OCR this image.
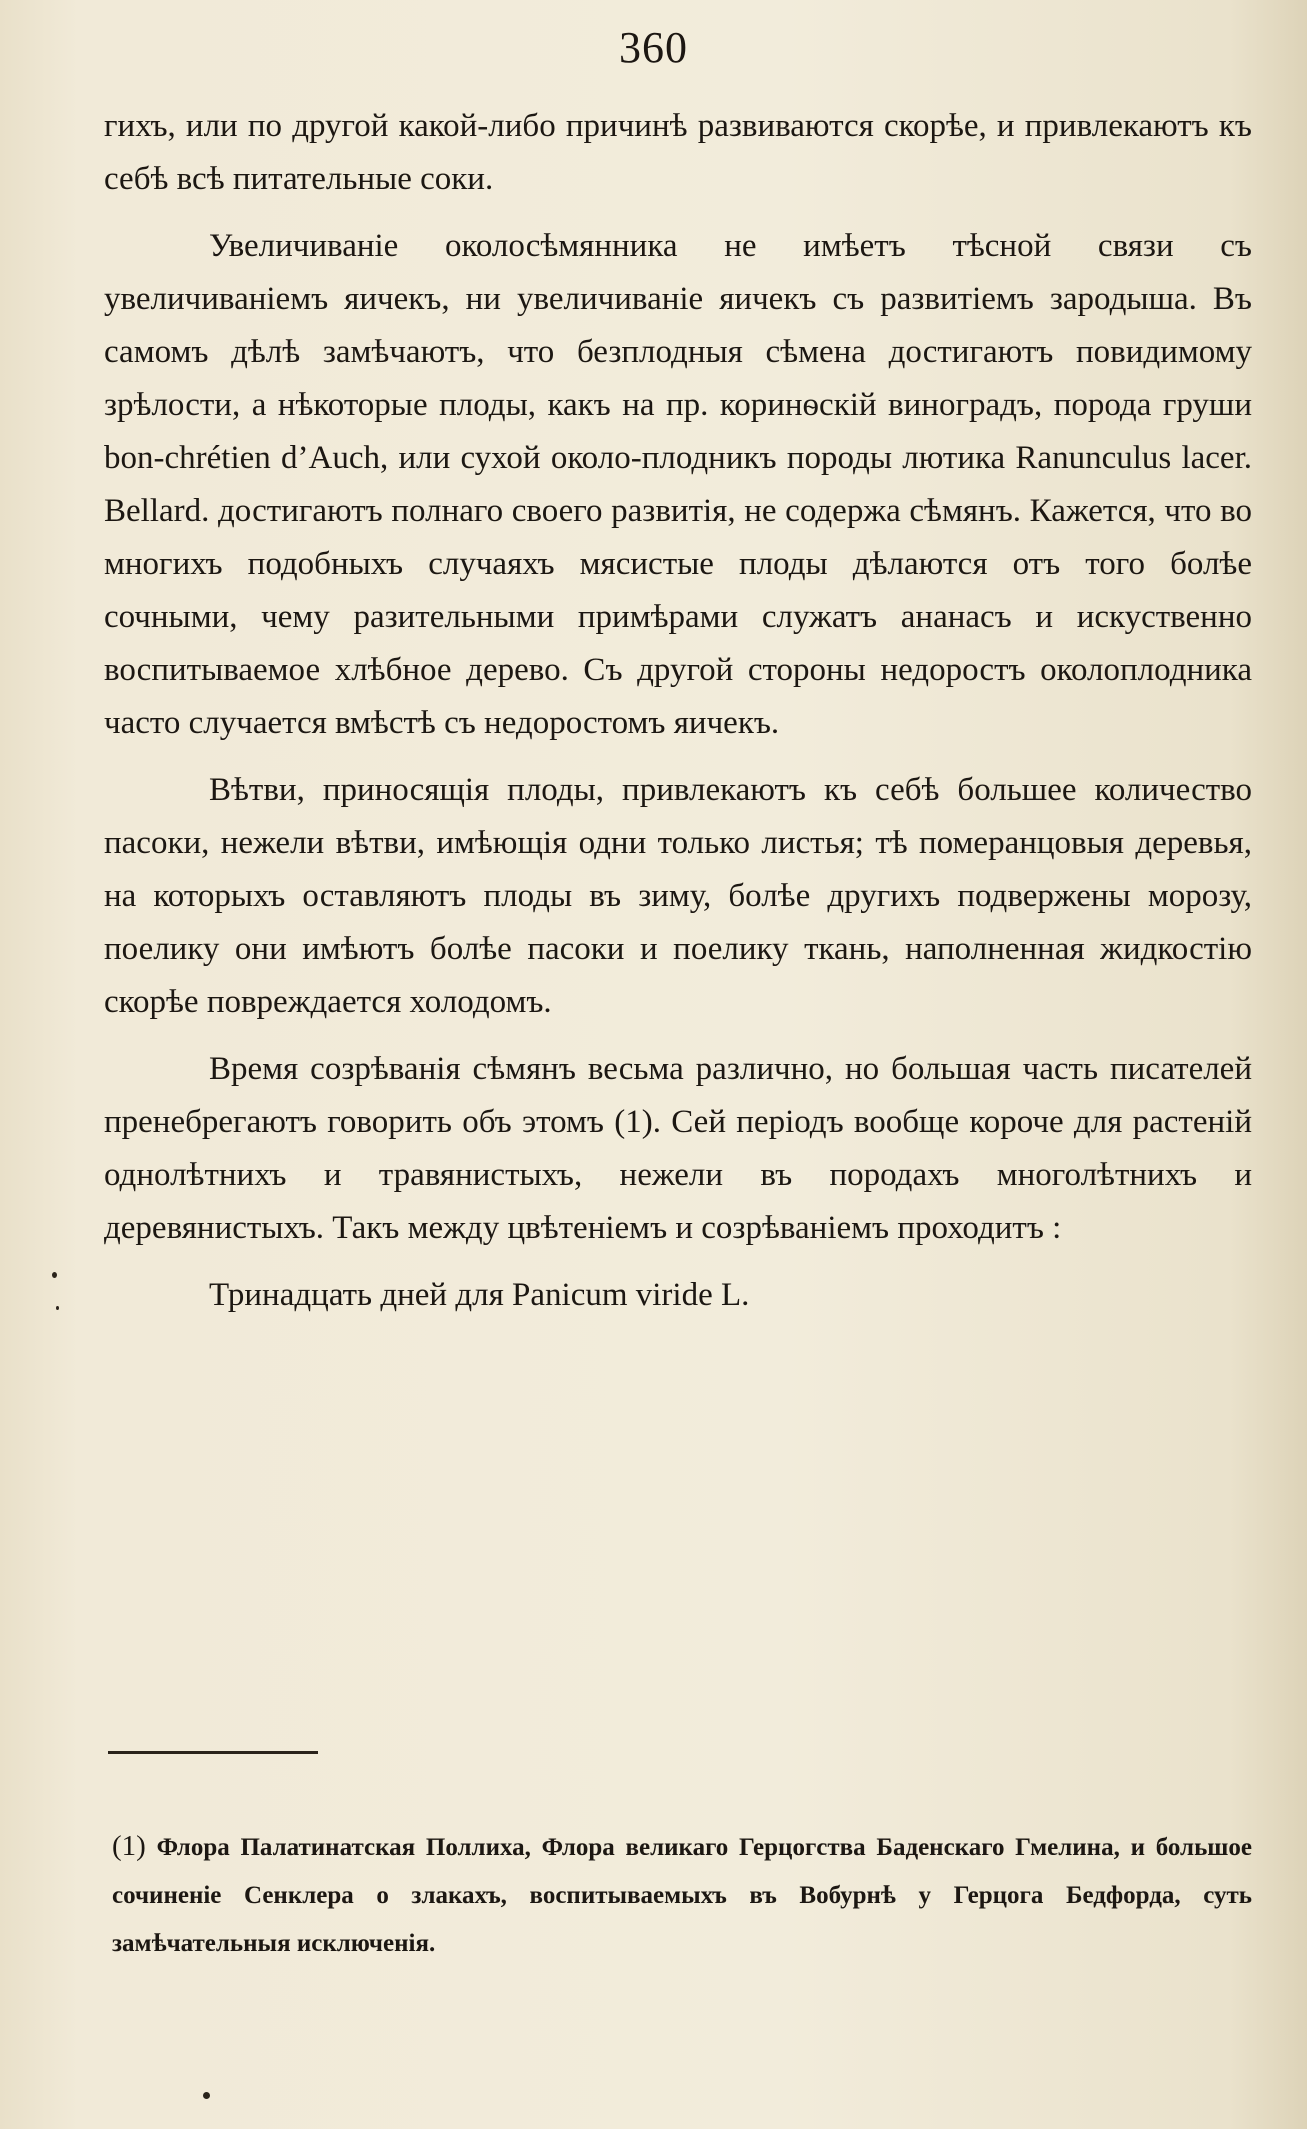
360

гихъ, или по другой какой-либо причинѣ развиваются скорѣе, и привлекаютъ къ себѣ всѣ питательные соки.

Увеличиванiе околосѣмянника не имѣетъ тѣсной связи съ увеличиванiемъ яичекъ, ни увеличиванiе яичекъ съ развитiемъ зародыша. Въ самомъ дѣлѣ замѣчаютъ, что безплодныя сѣмена достигаютъ повидимому зрѣлости, а нѣкоторые плоды, какъ на пр. коринѳскiй виноградъ, порода груши bon-chrétien d’Auch, или сухой около-плодникъ породы лютика Ranunculus lacer. Bellard. достигаютъ полнаго своего развитiя, не содержа сѣмянъ. Кажется, что во многихъ подобныхъ случаяхъ мясистые плоды дѣлаются отъ того болѣе сочными, чему разительными примѣрами служатъ ананасъ и искуственно воспитываемое хлѣбное дерево. Съ другой стороны недоростъ околоплодника часто случается вмѣстѣ съ недоростомъ яичекъ.

Вѣтви, приносящiя плоды, привлекаютъ къ себѣ большее количество пасоки, нежели вѣтви, имѣющiя одни только листья; тѣ померанцовыя деревья, на которыхъ оставляютъ плоды въ зиму, болѣе другихъ подвержены морозу, поелику они имѣютъ болѣе пасоки и поелику ткань, наполненная жидкостiю скорѣе повреждается холодомъ.

Время созрѣванiя сѣмянъ весьма различно, но большая часть писателей пренебрегаютъ говорить объ этомъ (1). Сей перiодъ вообще короче для растенiй однолѣтнихъ и травянистыхъ, нежели въ породахъ многолѣтнихъ и деревянистыхъ. Такъ между цвѣтенiемъ и созрѣванiемъ проходитъ :

Тринадцать дней для Panicum viride L.

(1) Флора Палатинатская Поллиха, Флора великаго Герцогства Баденскаго Гмелина, и большое сочиненiе Сенклера о злакахъ, воспитываемыхъ въ Вобурнѣ у Герцога Бедфорда, суть замѣчательныя исключенiя.
